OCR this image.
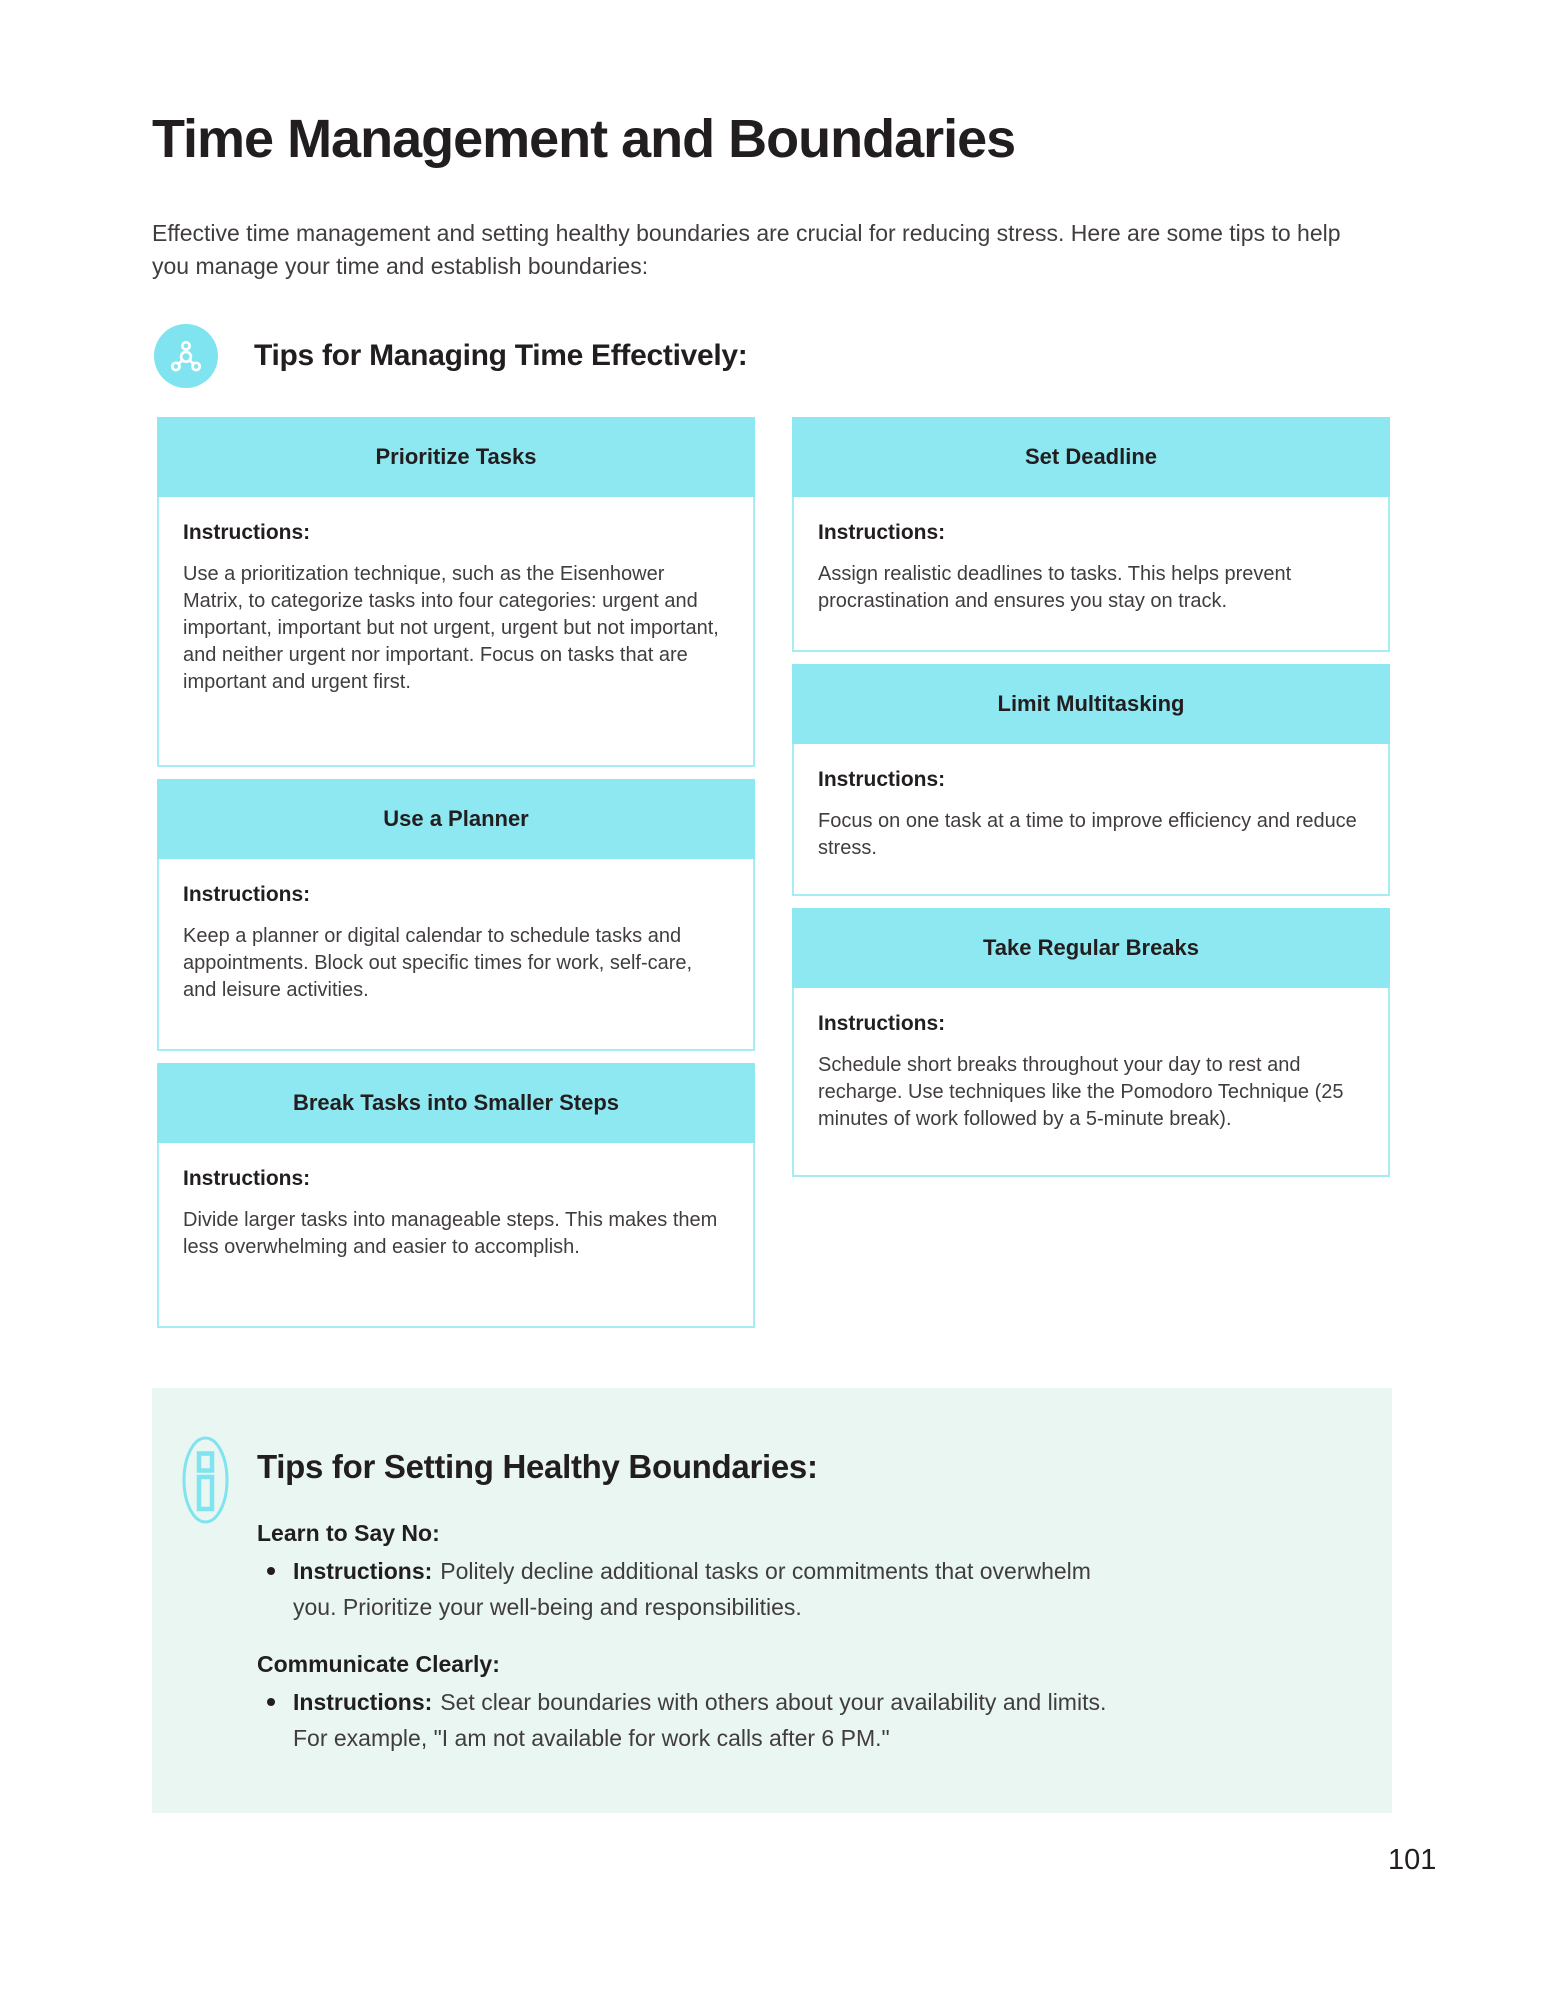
Time Management and Boundaries

Effective time management and setting healthy boundaries are crucial for reducing stress. Here are some tips to help you manage your time and establish boundaries:

Tips for Managing Time Effectively:
Prioritize Tasks
Instructions:

Use a prioritization technique, such as the Eisenhower Matrix, to categorize tasks into four categories: urgent and important, important but not urgent, urgent but not important, and neither urgent nor important. Focus on tasks that are important and urgent first.

Use a Planner
Instructions:

Keep a planner or digital calendar to schedule tasks and appointments. Block out specific times for work, self-care, and leisure activities.

Break Tasks into Smaller Steps
Instructions:

Divide larger tasks into manageable steps. This makes them less overwhelming and easier to accomplish.

Set Deadline
Instructions:

Assign realistic deadlines to tasks. This helps prevent procrastination and ensures you stay on track.

Limit Multitasking
Instructions:

Focus on one task at a time to improve efficiency and reduce stress.

Take Regular Breaks
Instructions:

Schedule short breaks throughout your day to rest and recharge. Use techniques like the Pomodoro Technique (25 minutes of work followed by a 5-minute break).

Tips for Setting Healthy Boundaries:
Learn to Say No:
Instructions: Politely decline additional tasks or commitments that overwhelm you. Prioritize your well-being and responsibilities.
Communicate Clearly:
Instructions: Set clear boundaries with others about your availability and limits. For example, "I am not available for work calls after 6 PM."
101
